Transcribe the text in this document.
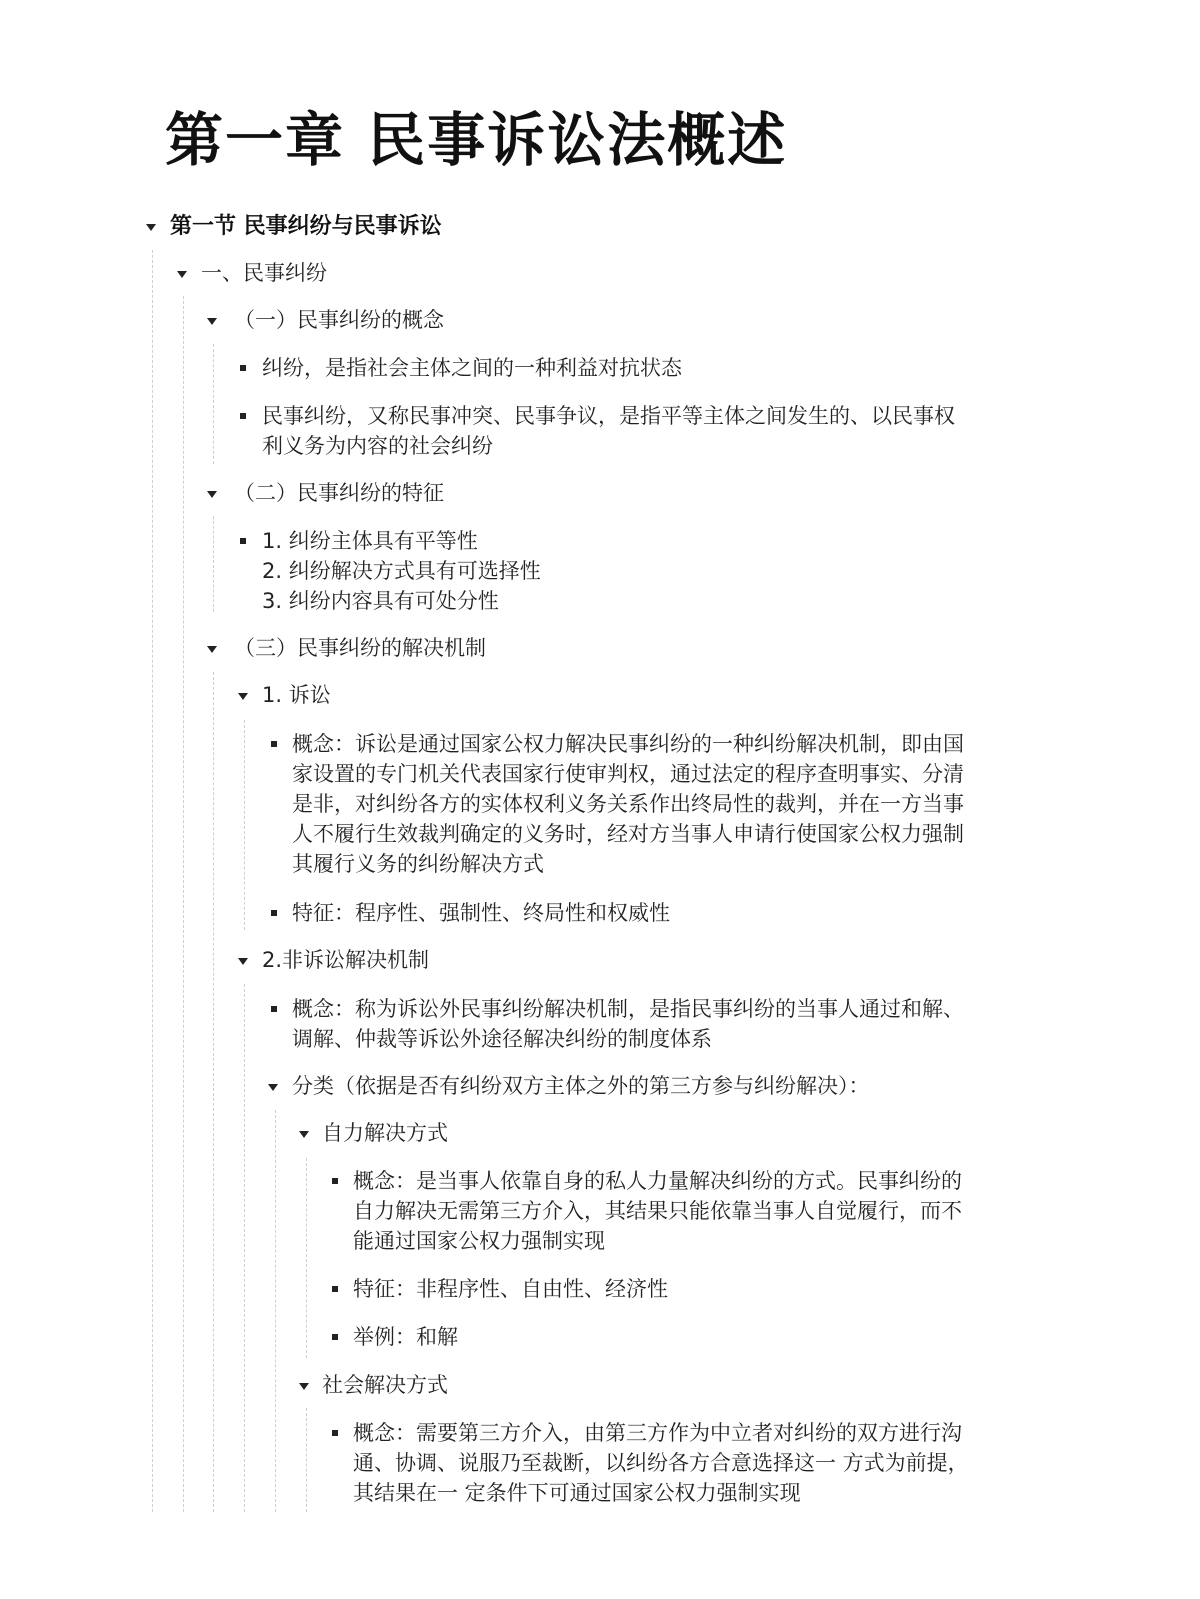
第一章 民事诉讼法概述
第一节 民事纠纷与民事诉讼
一、民事纠纷
（一）民事纠纷的概念
纠纷，是指社会主体之间的一种利益对抗状态
民事纠纷，又称民事冲突、民事争议，是指平等主体之间发生的、以民事权
利义务为内容的社会纠纷
（二）民事纠纷的特征
1. 纠纷主体具有平等性
2. 纠纷解决方式具有可选择性
3. 纠纷内容具有可处分性
（三）民事纠纷的解决机制
1. 诉讼
概念：诉讼是通过国家公权力解决民事纠纷的一种纠纷解决机制，即由国
家设置的专门机关代表国家行使审判权，通过法定的程序查明事实、分清
是非，对纠纷各方的实体权利义务关系作出终局性的裁判，并在一方当事
人不履行生效裁判确定的义务时，经对方当事人申请行使国家公权力强制
其履行义务的纠纷解决方式
特征：程序性、强制性、终局性和权威性
2.非诉讼解决机制
概念：称为诉讼外民事纠纷解决机制，是指民事纠纷的当事人通过和解、
调解、仲裁等诉讼外途径解决纠纷的制度体系
分类（依据是否有纠纷双方主体之外的第三方参与纠纷解决）：
自力解决方式
概念：是当事人依靠自身的私人力量解决纠纷的方式。民事纠纷的
自力解决无需第三方介入，其结果只能依靠当事人自觉履行，而不
能通过国家公权力强制实现
特征：非程序性、自由性、经济性
举例：和解
社会解决方式
概念：需要第三方介入，由第三方作为中立者对纠纷的双方进行沟
通、协调、说服乃至裁断，以纠纷各方合意选择这一 方式为前提，
其结果在一 定条件下可通过国家公权力强制实现
